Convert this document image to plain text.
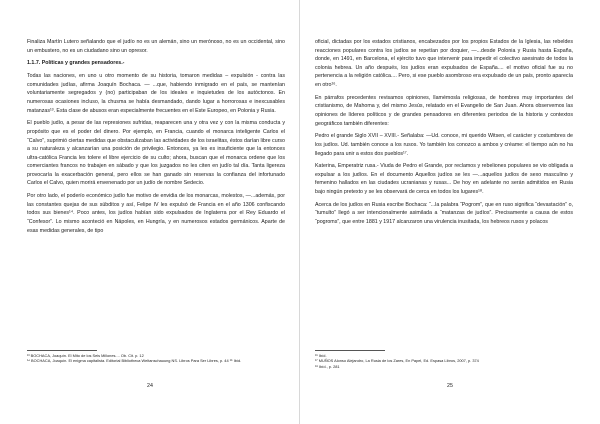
Finaliza Martín Lutero señalando que el judío no es un alemán, sino un merónoso, no es un occidental, sino un embustero, no es un ciudadano sino un opresor.

1.1.7. Políticas y grandes pensadores.-

Todas las naciones, en uno u otro momento de su historia, tomaron medidas – expulsión - contra las comunidades judías, afirma Joaquín Bochaca. — ...que, habiendo inmigrado en el país, se mantenían voluntariamente segregados y (no) participaban de los ideales e inquietudes de los autóctonos. En numerosas ocasiones incluso, la chusma se había desmandado, dando lugar a horrorosas e inexcusables matanzas¹³. Esta clase de abusos eran especialmente frecuentes en el Este Europeo, en Polonia y Rusia.

El pueblo judío, a pesar de las represiones sufridas, reaparecen una y otra vez y con la misma conducta y propósito que es el poder del dinero. Por ejemplo, en Francia, cuando el monarca inteligente Carlos el “Calvo”, suprimió ciertas medidas que obstaculizaban las actividades de los israelitas, éstos darían libre curso a su naturaleza y alcanzarían una posición de privilegio. Entonces, ya les es insuficiente que la entonces ultra-católica Francia les tolere el libre ejercicio de su culto; ahora, buscan que el monarca ordene que los comerciantes francos no trabajen en sábado y que los juzgados no les citen en judío tal día. Tanta ligereza provocaría la exacerbación general, pero ellos se han ganado sin reservas la confianza del infortunado Carlos el Calvo, quien morirá envenenado por un judío de nombre Sedecio.

Por otro lado, el poderío económico judío fue motivo de envidia de los monarcas, molestos, —...además, por las constantes quejas de sus súbditos y así, Felipe IV les expulsó de Francia en el año 1306 confiscando todos sus bienes¹⁴. Poco antes, los judíos habían sido expulsados de Inglaterra por el Rey Eduardo el “Confesor”. Lo mismo aconteció en Nápoles, en Hungría, y en numerosos estados germánicos. Aparte de esas medidas generales, de tipo

¹³ BOCHACA, Joaquín. El Mito de los Seis Millones.... Ob. Cit. p. 12

¹⁴ BOCHACA, Joaquín. El enigma capitalista. Editorial Bibliotheca Weltanschauung NS. Libros Para Ser Libres, p. 44 ¹⁵ Ibíd.

24

oficial, dictadas por los estados cristianos, encabezados por los propios Estados de la Iglesia, las rebeldes reacciones populares contra los judíos se repetían por doquier, —...desde Polonia y Rusia hasta España, donde, en 1491, en Barcelona, el ejército tuvo que intervenir para impedir el colectivo asesinato de todos la colonia hebrea. Un año después, los judíos eran expulsados de España.... el motivo oficial fue su no pertenencia a la religión católica.... Pero, si ese pueblo asombroso era expulsado de un país, pronto aparecía en otro¹⁶.

En párrafos precedentes revisamos opiniones, llamémosla religiosas, de hombres muy importantes del cristianismo, de Mahoma y, del mismo Jesús, relatado en el Evangelio de San Juan. Ahora observemos las opiniones de líderes políticos y de grandes pensadores en diferentes periodos de la historia y contextos geográficos también diferentes:

Pedro el grande Siglo XVII – XVIII.- Señalaba: —Ud. conoce, mi querido Witsen, el carácter y costumbres de los judíos. Ud. también conoce a los rusos. Yo también los conozco a ambos y créame: el tiempo aún no ha llegado para unir a estos dos pueblos¹⁷.

Katerina, Emperatriz rusa.- Viuda de Pedro el Grande, por reclamos y rebeliones populares se vio obligada a expulsar a los judíos. En el documento Aquellos judíos se les —...aquellos judíos de sexo masculino y femenino hallados en las ciudades ucranianas y rusas... De hoy en adelante no serán admitidos en Rusia bajo ningún pretexto y se les observará de cerca en todos los lugares¹⁸.

Acerca de los judíos en Rusia escribe Bochaca: “...la palabra “Pogrom”, que en ruso significa “devastación” o, “tumulto” llegó a ser intencionalmente asimilada a “matanzas de judíos”. Precisamente a causa de estos “pogroms”, que entre 1881 y 1917 alcanzaron una virulencia inusitada, los hebreos rusos y polacos

¹⁶ Ibíd.

¹⁷ MUÑOS Alonso Alejandro, La Rusia de los Zares, En Papel, Ed. Espasa Libros, 2007, p. 374

¹⁸ Ibíd., p. 281

25
